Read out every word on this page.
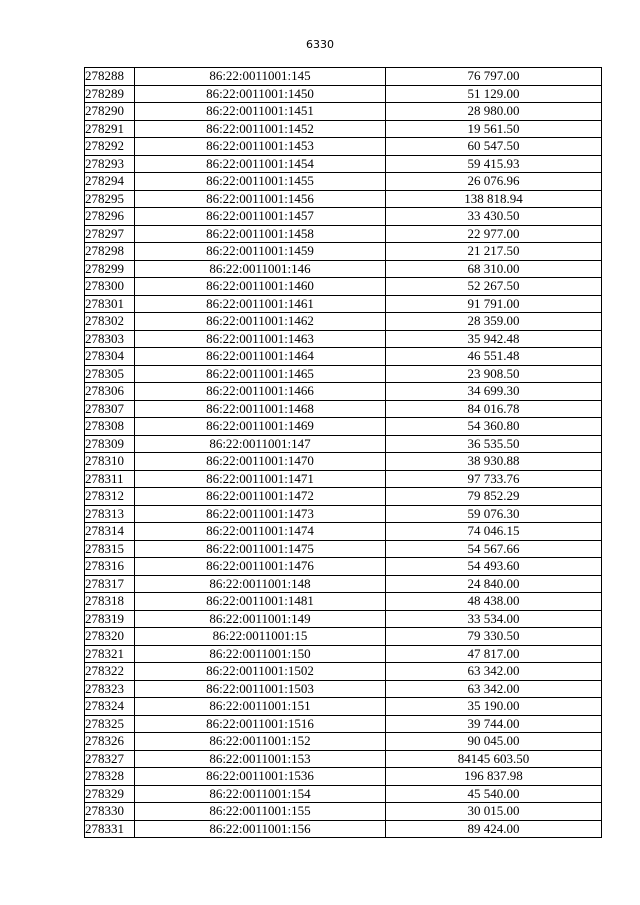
6330
278288	86:22:0011001:145	76 797.00
278289	86:22:0011001:1450	51 129.00
278290	86:22:0011001:1451	28 980.00
278291	86:22:0011001:1452	19 561.50
278292	86:22:0011001:1453	60 547.50
278293	86:22:0011001:1454	59 415.93
278294	86:22:0011001:1455	26 076.96
278295	86:22:0011001:1456	138 818.94
278296	86:22:0011001:1457	33 430.50
278297	86:22:0011001:1458	22 977.00
278298	86:22:0011001:1459	21 217.50
278299	86:22:0011001:146	68 310.00
278300	86:22:0011001:1460	52 267.50
278301	86:22:0011001:1461	91 791.00
278302	86:22:0011001:1462	28 359.00
278303	86:22:0011001:1463	35 942.48
278304	86:22:0011001:1464	46 551.48
278305	86:22:0011001:1465	23 908.50
278306	86:22:0011001:1466	34 699.30
278307	86:22:0011001:1468	84 016.78
278308	86:22:0011001:1469	54 360.80
278309	86:22:0011001:147	36 535.50
278310	86:22:0011001:1470	38 930.88
278311	86:22:0011001:1471	97 733.76
278312	86:22:0011001:1472	79 852.29
278313	86:22:0011001:1473	59 076.30
278314	86:22:0011001:1474	74 046.15
278315	86:22:0011001:1475	54 567.66
278316	86:22:0011001:1476	54 493.60
278317	86:22:0011001:148	24 840.00
278318	86:22:0011001:1481	48 438.00
278319	86:22:0011001:149	33 534.00
278320	86:22:0011001:15	79 330.50
278321	86:22:0011001:150	47 817.00
278322	86:22:0011001:1502	63 342.00
278323	86:22:0011001:1503	63 342.00
278324	86:22:0011001:151	35 190.00
278325	86:22:0011001:1516	39 744.00
278326	86:22:0011001:152	90 045.00
278327	86:22:0011001:153	84145 603.50
278328	86:22:0011001:1536	196 837.98
278329	86:22:0011001:154	45 540.00
278330	86:22:0011001:155	30 015.00
278331	86:22:0011001:156	89 424.00
